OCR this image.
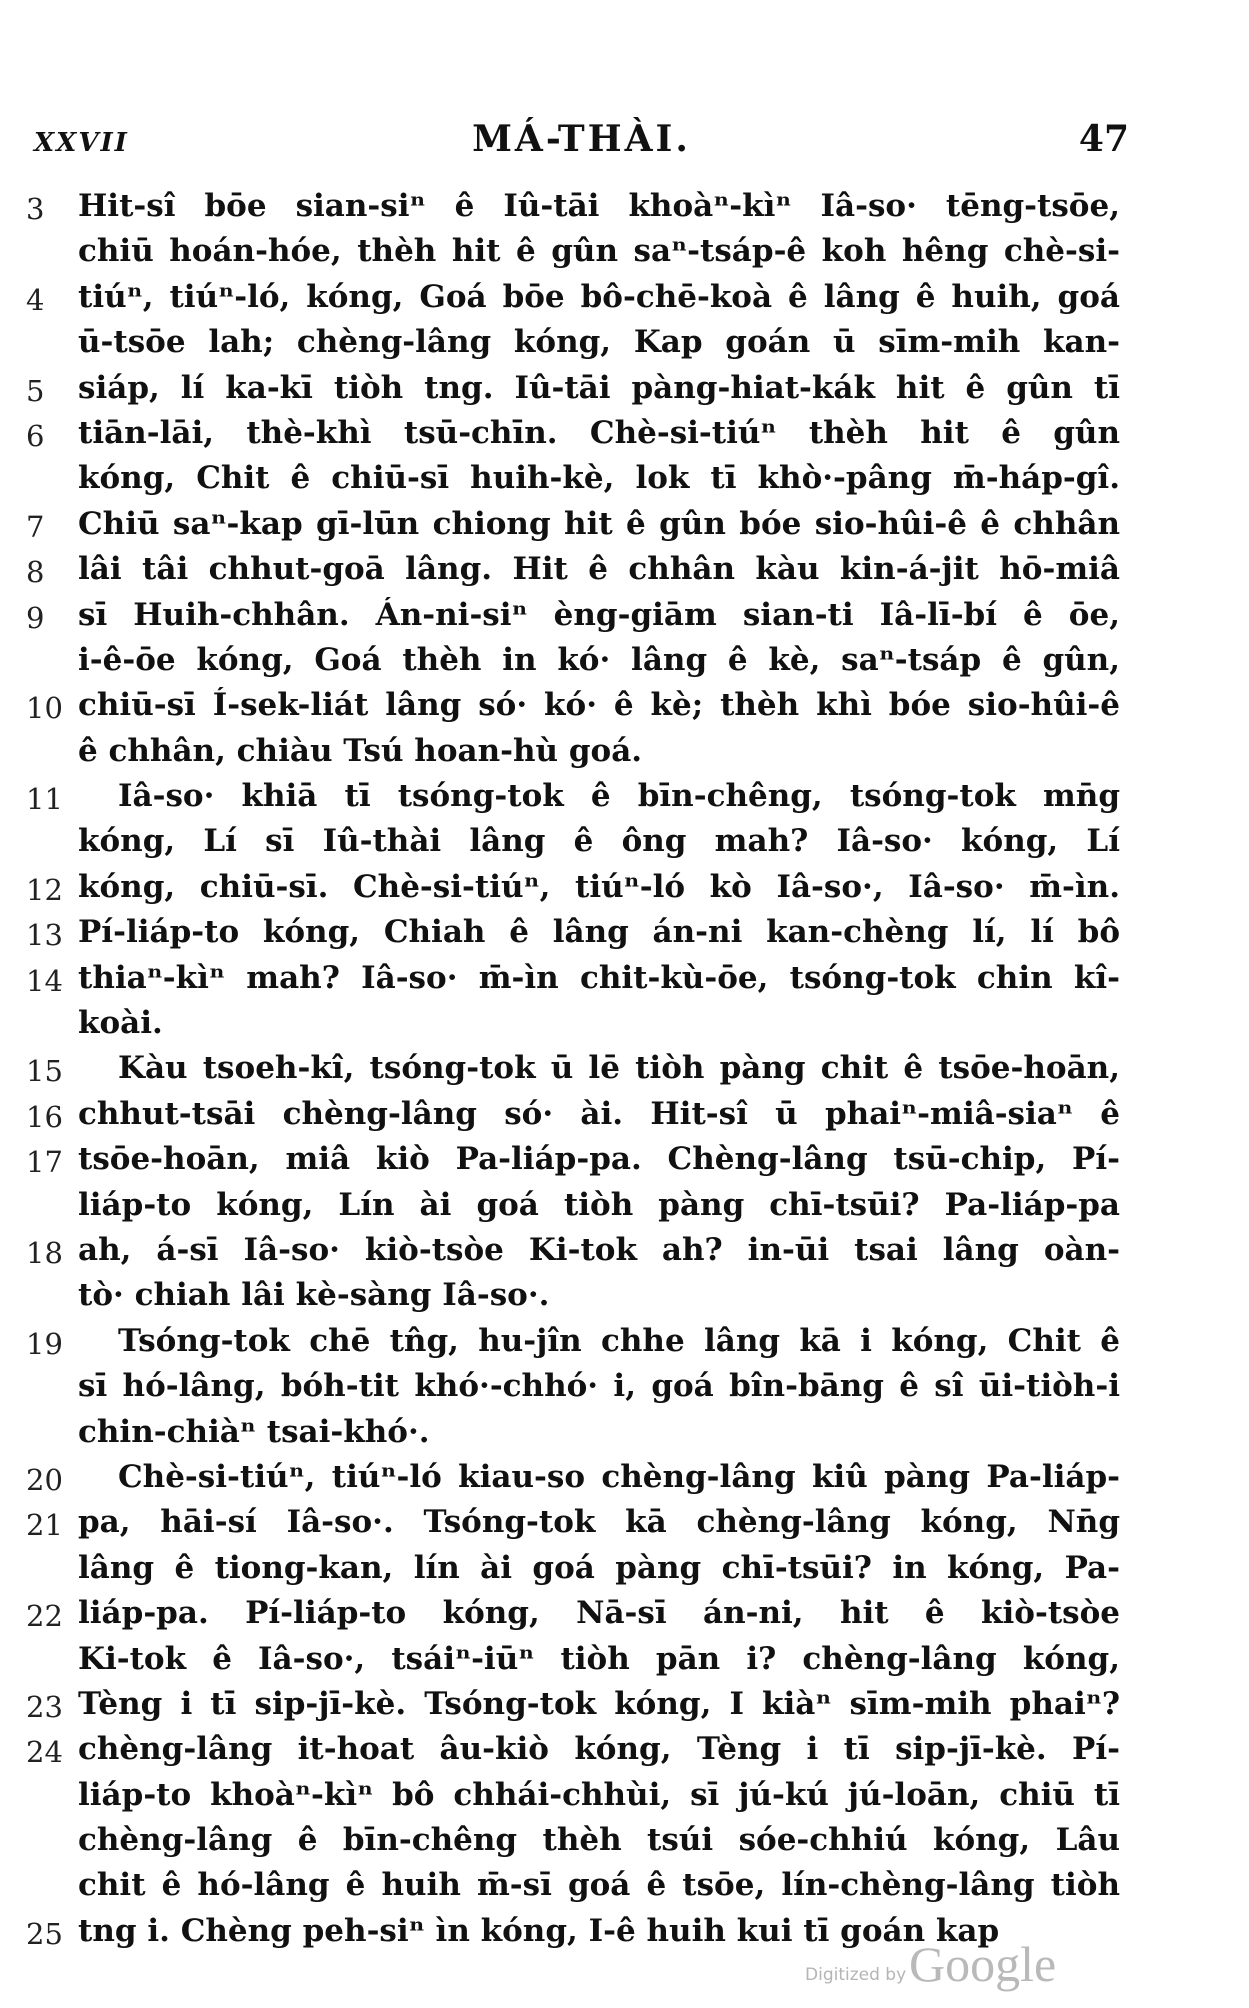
XXVII	MÁ-THÀI.	47
3	Hit-sî bōe sian-siⁿ ê Iû-tāi khoàⁿ-kìⁿ Iâ-so· tēng-tsōe,
chiū hoán-hóe, thèh hit ê gûn saⁿ-tsáp-ê koh hêng chè-si-
4	tiúⁿ, tiúⁿ-ló, kóng, Goá bōe bô-chē-koà ê lâng ê huih, goá
ū-tsōe lah; chèng-lâng kóng, Kap goán ū sīm-mih kan-
5	siáp, lí ka-kī tiòh tng. Iû-tāi pàng-hiat-kák hit ê gûn tī
6	tiān-lāi, thè-khì tsū-chīn. Chè-si-tiúⁿ thèh hit ê gûn
kóng, Chit ê chiū-sī huih-kè, lok tī khò·-pâng m̄-háp-gî.
7	Chiū saⁿ-kap gī-lūn chiong hit ê gûn bóe sio-hûi-ê ê chhân
8	lâi tâi chhut-goā lâng. Hit ê chhân kàu kin-á-jit hō-miâ
9	sī Huih-chhân. Án-ni-siⁿ èng-giām sian-ti Iâ-lī-bí ê ōe,
i-ê-ōe kóng, Goá thèh in kó· lâng ê kè, saⁿ-tsáp ê gûn,
10 chiū-sī Í-sek-liát lâng só· kó· ê kè; thèh khì bóe sio-hûi-ê
ê chhân, chiàu Tsú hoan-hù goá.
11 Iâ-so· khiā tī tsóng-tok ê bīn-chêng, tsóng-tok mn̄g
kóng, Lí sī Iû-thài lâng ê ông mah? Iâ-so· kóng, Lí
12 kóng, chiū-sī. Chè-si-tiúⁿ, tiúⁿ-ló kò Iâ-so·, Iâ-so· m̄-ìn.
13 Pí-liáp-to kóng, Chiah ê lâng án-ni kan-chèng lí, lí bô
14 thiaⁿ-kìⁿ mah? Iâ-so· m̄-ìn chit-kù-ōe, tsóng-tok chin kî-
koài.
15 Kàu tsoeh-kî, tsóng-tok ū lē tiòh pàng chit ê tsōe-hoān,
16 chhut-tsāi chèng-lâng só· ài. Hit-sî ū phaiⁿ-miâ-siaⁿ ê
17 tsōe-hoān, miâ kiò Pa-liáp-pa. Chèng-lâng tsū-chip, Pí-
liáp-to kóng, Lín ài goá tiòh pàng chī-tsūi? Pa-liáp-pa
18 ah, á-sī Iâ-so· kiò-tsòe Ki-tok ah? in-ūi tsai lâng oàn-
tò· chiah lâi kè-sàng Iâ-so·.
19 Tsóng-tok chē tn̂g, hu-jîn chhe lâng kā i kóng, Chit ê
sī hó-lâng, bóh-tit khó·-chhó· i, goá bîn-bāng ê sî ūi-tiòh-i
chin-chiàⁿ tsai-khó·.
20 Chè-si-tiúⁿ, tiúⁿ-ló kiau-so chèng-lâng kiû pàng Pa-liáp-
21 pa, hāi-sí Iâ-so·. Tsóng-tok kā chèng-lâng kóng, Nn̄g
lâng ê tiong-kan, lín ài goá pàng chī-tsūi? in kóng, Pa-
22 liáp-pa. Pí-liáp-to kóng, Nā-sī án-ni, hit ê kiò-tsòe
Ki-tok ê Iâ-so·, tsáiⁿ-iūⁿ tiòh pān i? chèng-lâng kóng,
23 Tèng i tī sip-jī-kè. Tsóng-tok kóng, I kiàⁿ sīm-mih phaiⁿ?
24 chèng-lâng it-hoat âu-kiò kóng, Tèng i tī sip-jī-kè. Pí-
liáp-to khoàⁿ-kìⁿ bô chhái-chhùi, sī jú-kú jú-loān, chiū tī
chèng-lâng ê bīn-chêng thèh tsúi sóe-chhiú kóng, Lâu
chit ê hó-lâng ê huih m̄-sī goá ê tsōe, lín-chèng-lâng tiòh
25 tng i. Chèng peh-siⁿ ìn kóng, I-ê huih kui tī goán kap
Digitized by Google
